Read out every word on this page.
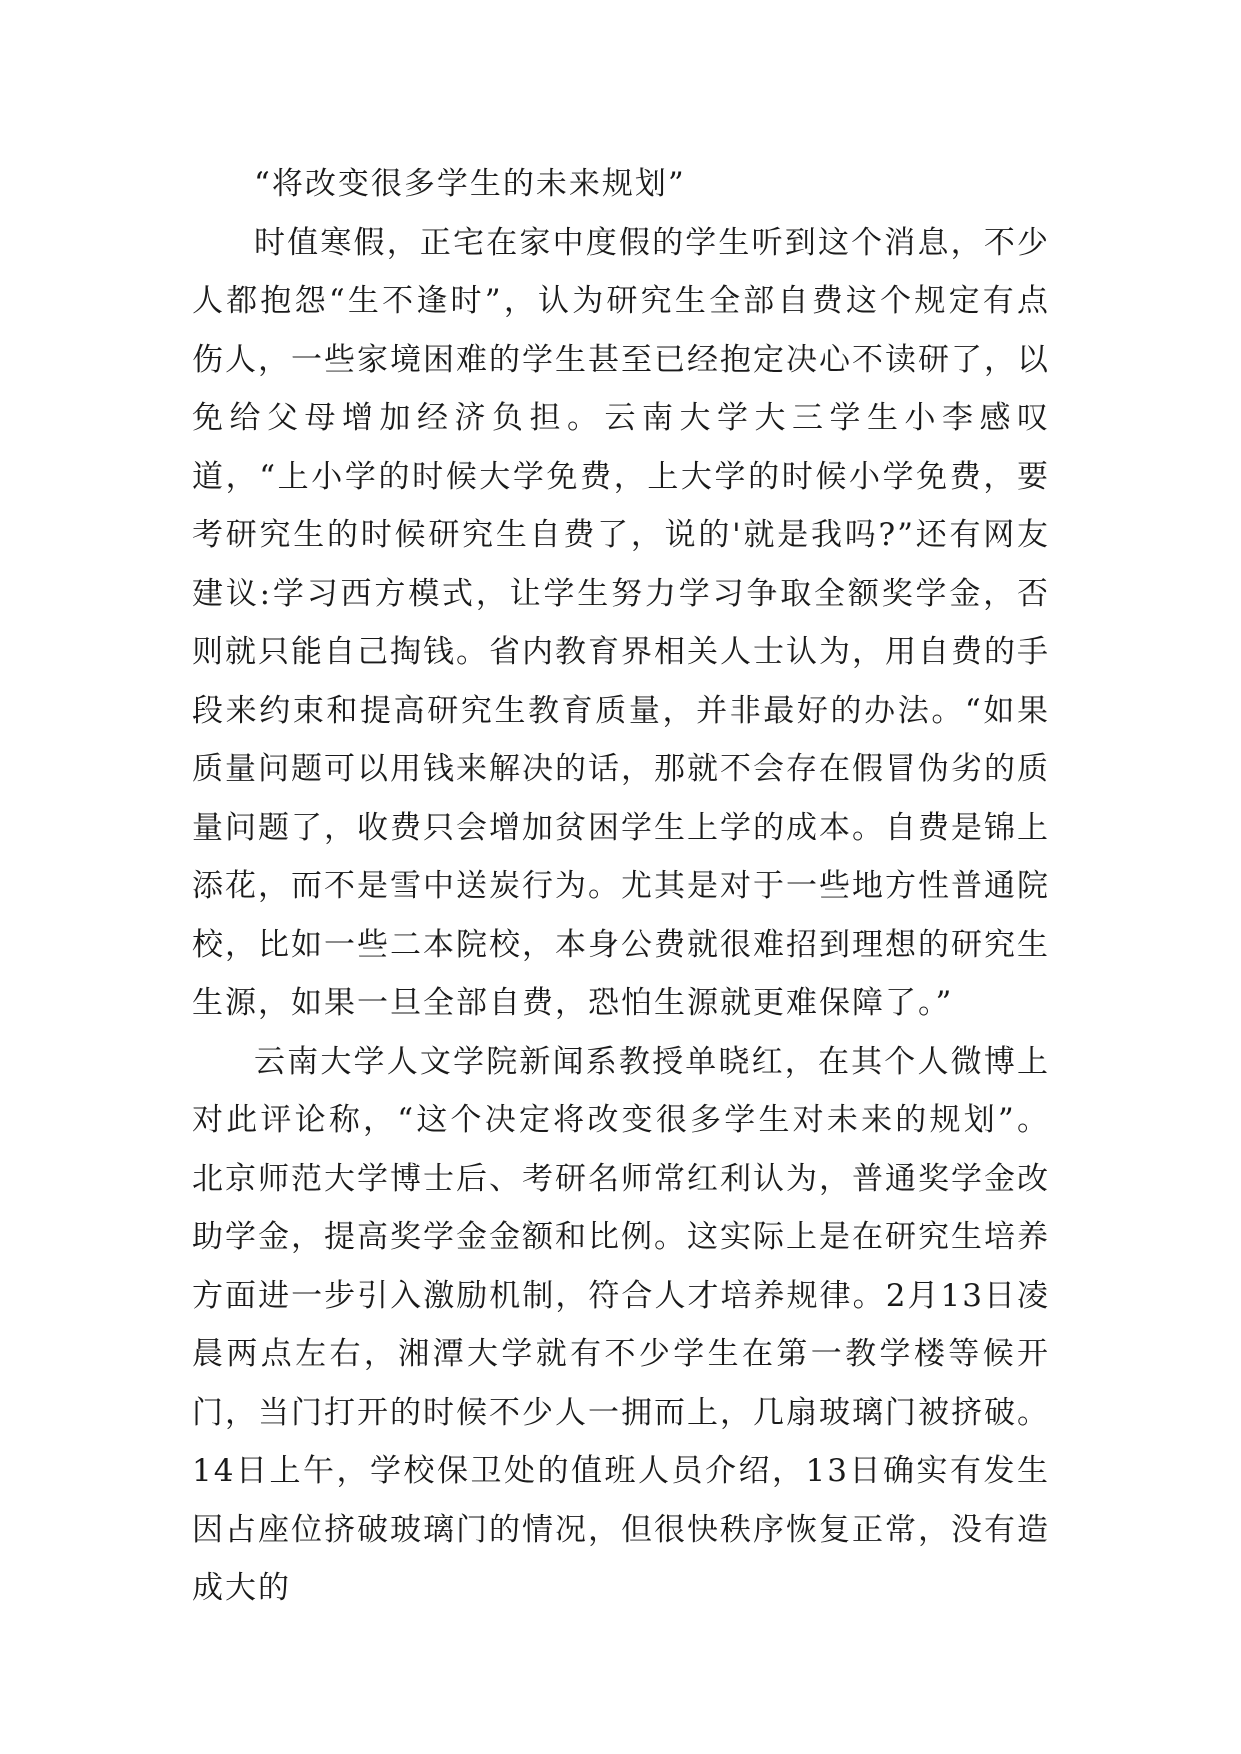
“将改变很多学生的未来规划”

时值寒假，正宅在家中度假的学生听到这个消息，不少人都抱怨“生不逢时”，认为研究生全部自费这个规定有点伤人，一些家境困难的学生甚至已经抱定决心不读研了，以免给父母增加经济负担。云南大学大三学生小李感叹道，“上小学的时候大学免费，上大学的时候小学免费，要考研究生的时候研究生自费了，说的'就是我吗?”还有网友建议:学习西方模式，让学生努力学习争取全额奖学金，否则就只能自己掏钱。省内教育界相关人士认为，用自费的手段来约束和提高研究生教育质量，并非最好的办法。“如果质量问题可以用钱来解决的话，那就不会存在假冒伪劣的质量问题了，收费只会增加贫困学生上学的成本。自费是锦上添花，而不是雪中送炭行为。尤其是对于一些地方性普通院校，比如一些二本院校，本身公费就很难招到理想的研究生生源，如果一旦全部自费，恐怕生源就更难保障了。”

云南大学人文学院新闻系教授单晓红，在其个人微博上对此评论称，“这个决定将改变很多学生对未来的规划”。北京师范大学博士后、考研名师常红利认为，普通奖学金改助学金，提高奖学金金额和比例。这实际上是在研究生培养方面进一步引入激励机制，符合人才培养规律。2月13日凌晨两点左右，湘潭大学就有不少学生在第一教学楼等候开门，当门打开的时候不少人一拥而上，几扇玻璃门被挤破。14日上午，学校保卫处的值班人员介绍，13日确实有发生因占座位挤破玻璃门的情况，但很快秩序恢复正常，没有造成大的
